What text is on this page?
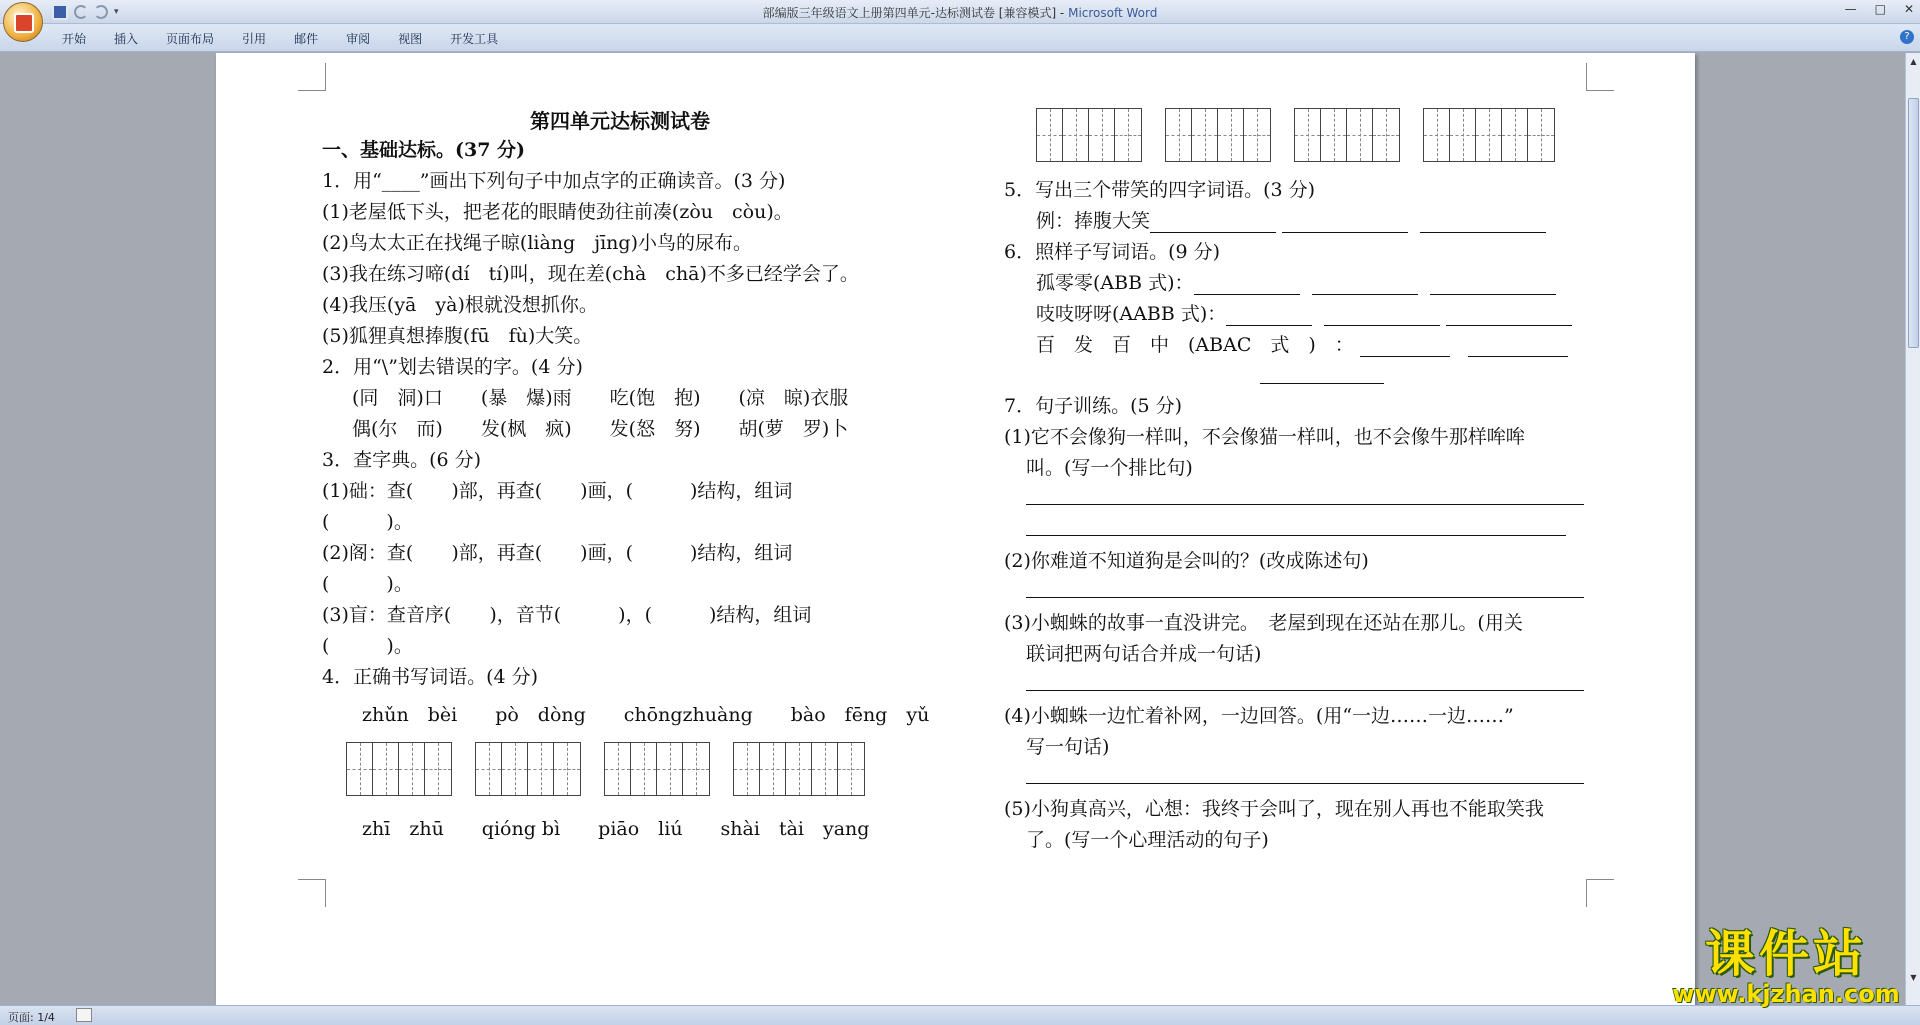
▾	部编版三年级语文上册第四单元-达标测试卷 [兼容模式] - Microsoft Word	— □ ✕
开始	插入	页面布局	引用	邮件	审阅	视图	开发工具	?
第四单元达标测试卷
一、基础达标。(37 分)
1．用“____”画出下列句子中加点字的正确读音。(3 分)
(1)老屋低下头，把老花的眼睛使劲往前凑(zòu　còu)。
(2)鸟太太正在找绳子晾(liàng　jīng)小鸟的尿布。
(3)我在练习啼(dí　tí)叫，现在差(chà　chā)不多已经学会了。
(4)我压(yā　yà)根就没想抓你。
(5)狐狸真想捧腹(fū　fù)大笑。
2．用“\”划去错误的字。(4 分)
(同　洞)口　　(暴　爆)雨　　吃(饱　抱)　　(凉　晾)衣服
偶(尔　而)　　发(枫　疯)　　发(怒　努)　　胡(萝　罗)卜
3．查字典。(6 分)
(1)础：查(　　)部，再查(　　)画，(　　　)结构，组词
(　　　)。
(2)阁：查(　　)部，再查(　　)画，(　　　)结构，组词
(　　　)。
(3)盲：查音序(　　)，音节(　　　)，(　　　)结构，组词
(　　　)。
4．正确书写词语。(4 分)
zhǔn　bèi　　pò　dòng　　chōngzhuàng　　bào　fēng　yǔ
zhī　zhū　　qióng bì　　piāo　liú　　shài　tài　yang
5．写出三个带笑的四字词语。(3 分)
例：捧腹大笑
6．照样子写词语。(9 分)
孤零零(ABB 式)：
吱吱呀呀(AABB 式)：
百　发　百　中　(ABAC　式　)　：
7．句子训练。(5 分)
(1)它不会像狗一样叫，不会像猫一样叫，也不会像牛那样哞哞
叫。(写一个排比句)
(2)你难道不知道狗是会叫的？(改成陈述句)
(3)小蜘蛛的故事一直没讲完。　老屋到现在还站在那儿。(用关
联词把两句话合并成一句话)
(4)小蜘蛛一边忙着补网，一边回答。(用“一边……一边……”
写一句话)
(5)小狗真高兴，心想：我终于会叫了，现在别人再也不能取笑我
了。(写一个心理活动的句子)
▲
▼
页面: 1/4
课件站
www.kjzhan.com
